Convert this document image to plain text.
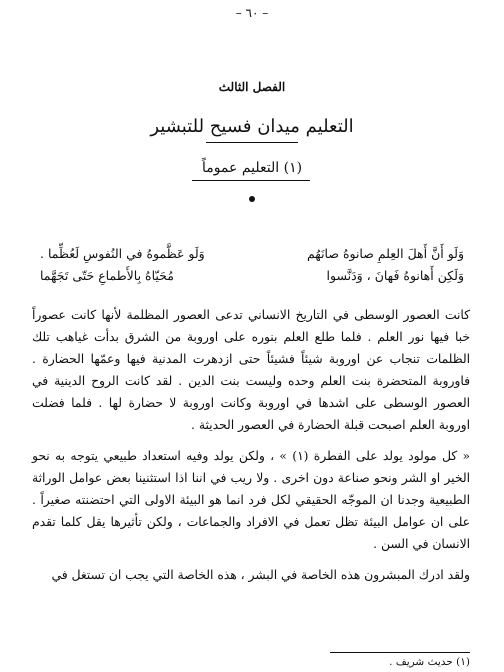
– ٦٠ –
الفصل الثالث
التعليم ميدان فسيح للتبشير
(١) التعليم عموماً
وَلَو أَنَّ أَهلَ العِلمِ صانوهُ صانَهُم
وَلَو عَظَّموهُ في النُفوسِ لَعُظِّما .
وَلَكِن أَهانوهُ فَهانَ ، وَدَنَّسوا
مُحَيّاهُ بِالأَطماعِ حَتّى تَجَهَّما

كانت العصور الوسطى في التاريخ الانساني تدعى العصور المظلمة لأنها كانت عصوراً خبا فيها نور العلم . فلما طلع العلم بنوره على اوروبة من الشرق بدأت غياهب تلك الظلمات تنجاب عن اوروبة شيئاً فشيئاً حتى ازدهرت المدنية فيها وعمّها الحضارة . فاوروبة المتحضرة بنت العلم وحده وليست بنت الدين . لقد كانت الروح الدينية في العصور الوسطى على اشدها في اوروبة وكانت اوروبة لا حضارة لها . فلما فضلت اوروبة العلم اصبحت قبلة الحضارة في العصور الحديثة .

« كل مولود يولد على الفطرة (١) » ، ولكن يولد وفيه استعداد طبيعي يتوجه به نحو الخير او الشر ونحو صناعة دون اخرى . ولا ريب في اننا اذا استثنينا بعض عوامل الوراثة الطبيعية وجدنا ان الموجّه الحقيقي لكل فرد انما هو البيئة الاولى التي احتضنته صغيراً . على ان عوامل البيئة تظل تعمل في الافراد والجماعات ، ولكن تأثيرها يقل كلما تقدم الانسان في السن .

ولقد ادرك المبشرون هذه الخاصة في البشر ، هذه الخاصة التي يجب ان تستغل في

(١) حديث شريف .
